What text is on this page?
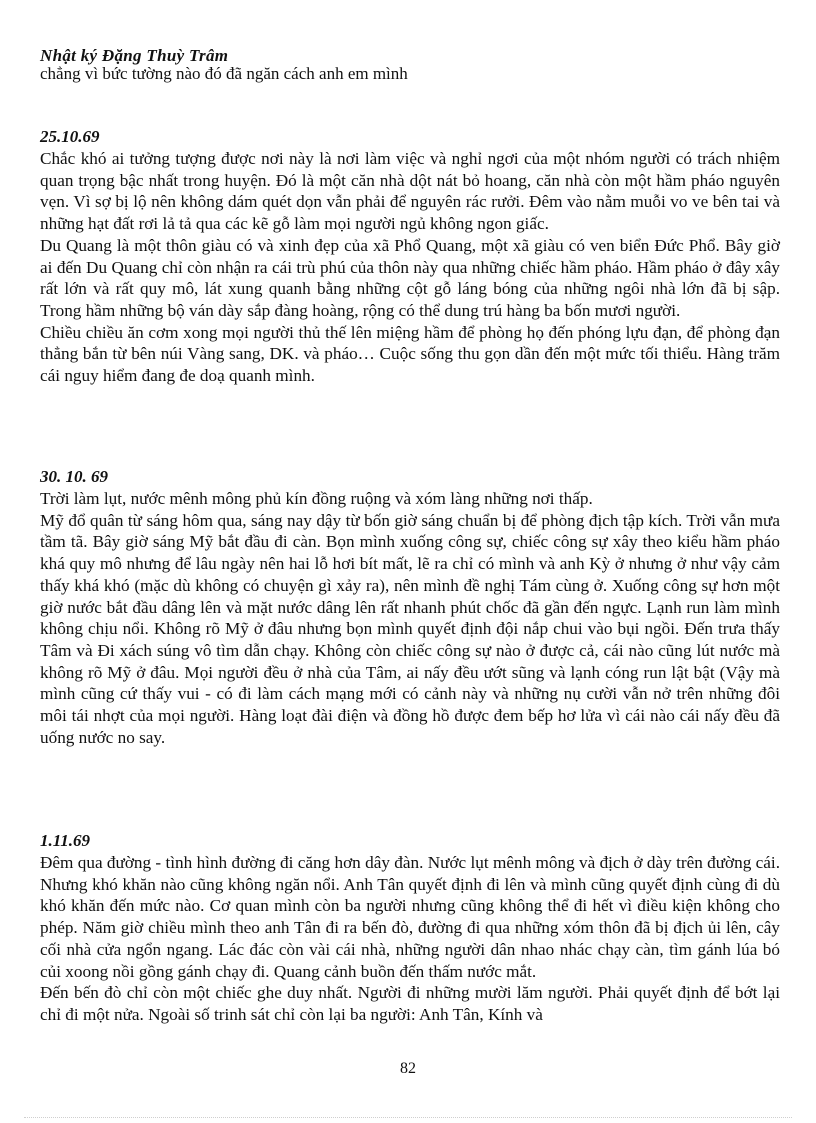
Nhật ký Đặng Thuỳ Trâm
chẳng vì bức tường nào đó đã ngăn cách anh em mình
25.10.69

Chắc khó ai tưởng tượng được nơi này là nơi làm việc và nghỉ ngơi của một nhóm người có trách nhiệm quan trọng bậc nhất trong huyện. Đó là một căn nhà dột nát bỏ hoang, căn nhà còn một hầm pháo nguyên vẹn. Vì sợ bị lộ nên không dám quét dọn vẫn phải để nguyên rác rưởi. Đêm vào nằm muỗi vo ve bên tai và những hạt đất rơi lả tả qua các kẽ gỗ làm mọi người ngủ không ngon giấc.

Du Quang là một thôn giàu có và xinh đẹp của xã Phổ Quang, một xã giàu có ven biển Đức Phổ. Bây giờ ai đến Du Quang chỉ còn nhận ra cái trù phú của thôn này qua những chiếc hầm pháo. Hầm pháo ở đây xây rất lớn và rất quy mô, lát xung quanh bằng những cột gỗ láng bóng của những ngôi nhà lớn đã bị sập. Trong hầm những bộ ván dày sắp đàng hoàng, rộng có thể dung trú hàng ba bốn mươi người.

Chiều chiều ăn cơm xong mọi người thủ thế lên miệng hầm để phòng họ đến phóng lựu đạn, để phòng đạn thẳng bắn từ bên núi Vàng sang, DK. và pháo… Cuộc sống thu gọn dần đến một mức tối thiểu. Hàng trăm cái nguy hiểm đang đe doạ quanh mình.

30. 10. 69

Trời làm lụt, nước mênh mông phủ kín đồng ruộng và xóm làng những nơi thấp.

Mỹ đổ quân từ sáng hôm qua, sáng nay dậy từ bốn giờ sáng chuẩn bị để phòng địch tập kích. Trời vẫn mưa tầm tã. Bây giờ sáng Mỹ bắt đầu đi càn. Bọn mình xuống công sự, chiếc công sự xây theo kiểu hầm pháo khá quy mô nhưng để lâu ngày nên hai lỗ hơi bít mất, lẽ ra chỉ có mình và anh Kỳ ở nhưng ở như vậy cảm thấy khá khó (mặc dù không có chuyện gì xảy ra), nên mình đề nghị Tám cùng ở. Xuống công sự hơn một giờ nước bắt đầu dâng lên và mặt nước dâng lên rất nhanh phút chốc đã gần đến ngực. Lạnh run làm mình không chịu nổi. Không rõ Mỹ ở đâu nhưng bọn mình quyết định đội nắp chui vào bụi ngồi. Đến trưa thấy Tâm và Đi xách súng vô tìm dẫn chạy. Không còn chiếc công sự nào ở được cả, cái nào cũng lút nước mà không rõ Mỹ ở đâu. Mọi người đều ở nhà của Tâm, ai nấy đều ướt sũng và lạnh cóng run lật bật (Vậy mà mình cũng cứ thấy vui - có đi làm cách mạng mới có cảnh này và những nụ cười vẫn nở trên những đôi môi tái nhợt của mọi người. Hàng loạt đài điện và đồng hồ được đem bếp hơ lửa vì cái nào cái nấy đều đã uống nước no say.

1.11.69

Đêm qua đường - tình hình đường đi căng hơn dây đàn. Nước lụt mênh mông và địch ở dày trên đường cái. Nhưng khó khăn nào cũng không ngăn nổi. Anh Tân quyết định đi lên và mình cũng quyết định cùng đi dù khó khăn đến mức nào. Cơ quan mình còn ba người nhưng cũng không thể đi hết vì điều kiện không cho phép. Năm giờ chiều mình theo anh Tân đi ra bến đò, đường đi qua những xóm thôn đã bị địch ủi lên, cây cối nhà cửa ngổn ngang. Lác đác còn vài cái nhà, những người dân nhao nhác chạy càn, tìm gánh lúa bó củi xoong nồi gồng gánh chạy đi. Quang cảnh buồn đến thấm nước mắt.

Đến bến đò chỉ còn một chiếc ghe duy nhất. Người đi những mười lăm người. Phải quyết định để bớt lại chỉ đi một nửa. Ngoài số trinh sát chỉ còn lại ba người: Anh Tân, Kính và

82
